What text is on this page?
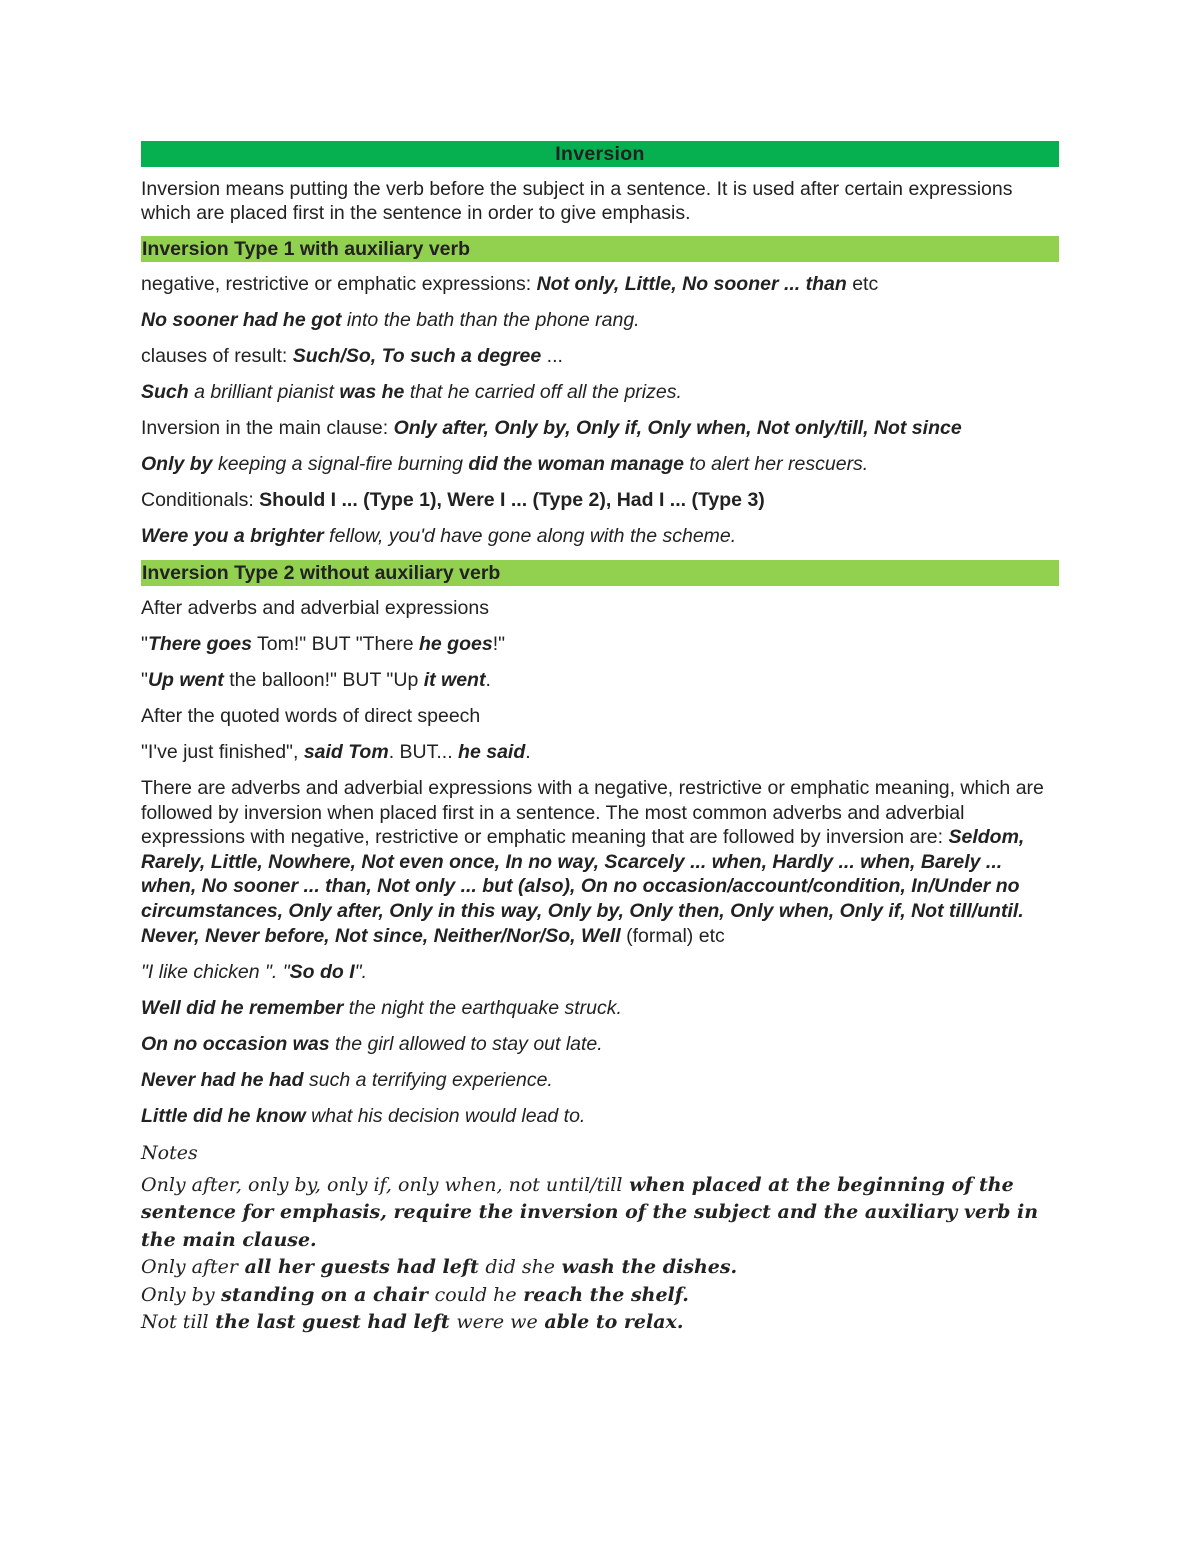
Inversion
Inversion means putting the verb before the subject in a sentence. It is used after certain expressions which are placed first in the sentence in order to give emphasis.
Inversion Type 1 with auxiliary verb
negative, restrictive or emphatic expressions: Not only, Little, No sooner ... than etc
No sooner had he got into the bath than the phone rang.
clauses of result: Such/So, To such a degree ...
Such a brilliant pianist was he that he carried off all the prizes.
Inversion in the main clause: Only after, Only by, Only if, Only when, Not only/till, Not since
Only by keeping a signal-fire burning did the woman manage to alert her rescuers.
Conditionals: Should I ... (Type 1), Were I ... (Type 2), Had I ... (Type 3)
Were you a brighter fellow, you'd have gone along with the scheme.
Inversion Type 2 without auxiliary verb
After adverbs and adverbial expressions
"There goes Tom!" BUT "There he goes!"
"Up went the balloon!" BUT "Up it went.
After the quoted words of direct speech
"I've just finished", said Tom. BUT... he said.
There are adverbs and adverbial expressions with a negative, restrictive or emphatic meaning, which are followed by inversion when placed first in a sentence. The most common adverbs and adverbial expressions with negative, restrictive or emphatic meaning that are followed by inversion are: Seldom, Rarely, Little, Nowhere, Not even once, In no way, Scarcely ... when, Hardly ... when, Barely ... when, No sooner ... than, Not only ... but (also), On no occasion/account/condition, In/Under no circumstances, Only after, Only in this way, Only by, Only then, Only when, Only if, Not till/until. Never, Never before, Not since, Neither/Nor/So, Well (formal) etc
"I like chicken ". "So do I".
Well did he remember the night the earthquake struck.
On no occasion was the girl allowed to stay out late.
Never had he had such a terrifying experience.
Little did he know what his decision would lead to.
Notes
Only after, only by, only if, only when, not until/till when placed at the beginning of the sentence for emphasis, require the inversion of the subject and the auxiliary verb in the main clause.
Only after all her guests had left did she wash the dishes.
Only by standing on a chair could he reach the shelf.
Not till the last guest had left were we able to relax.
